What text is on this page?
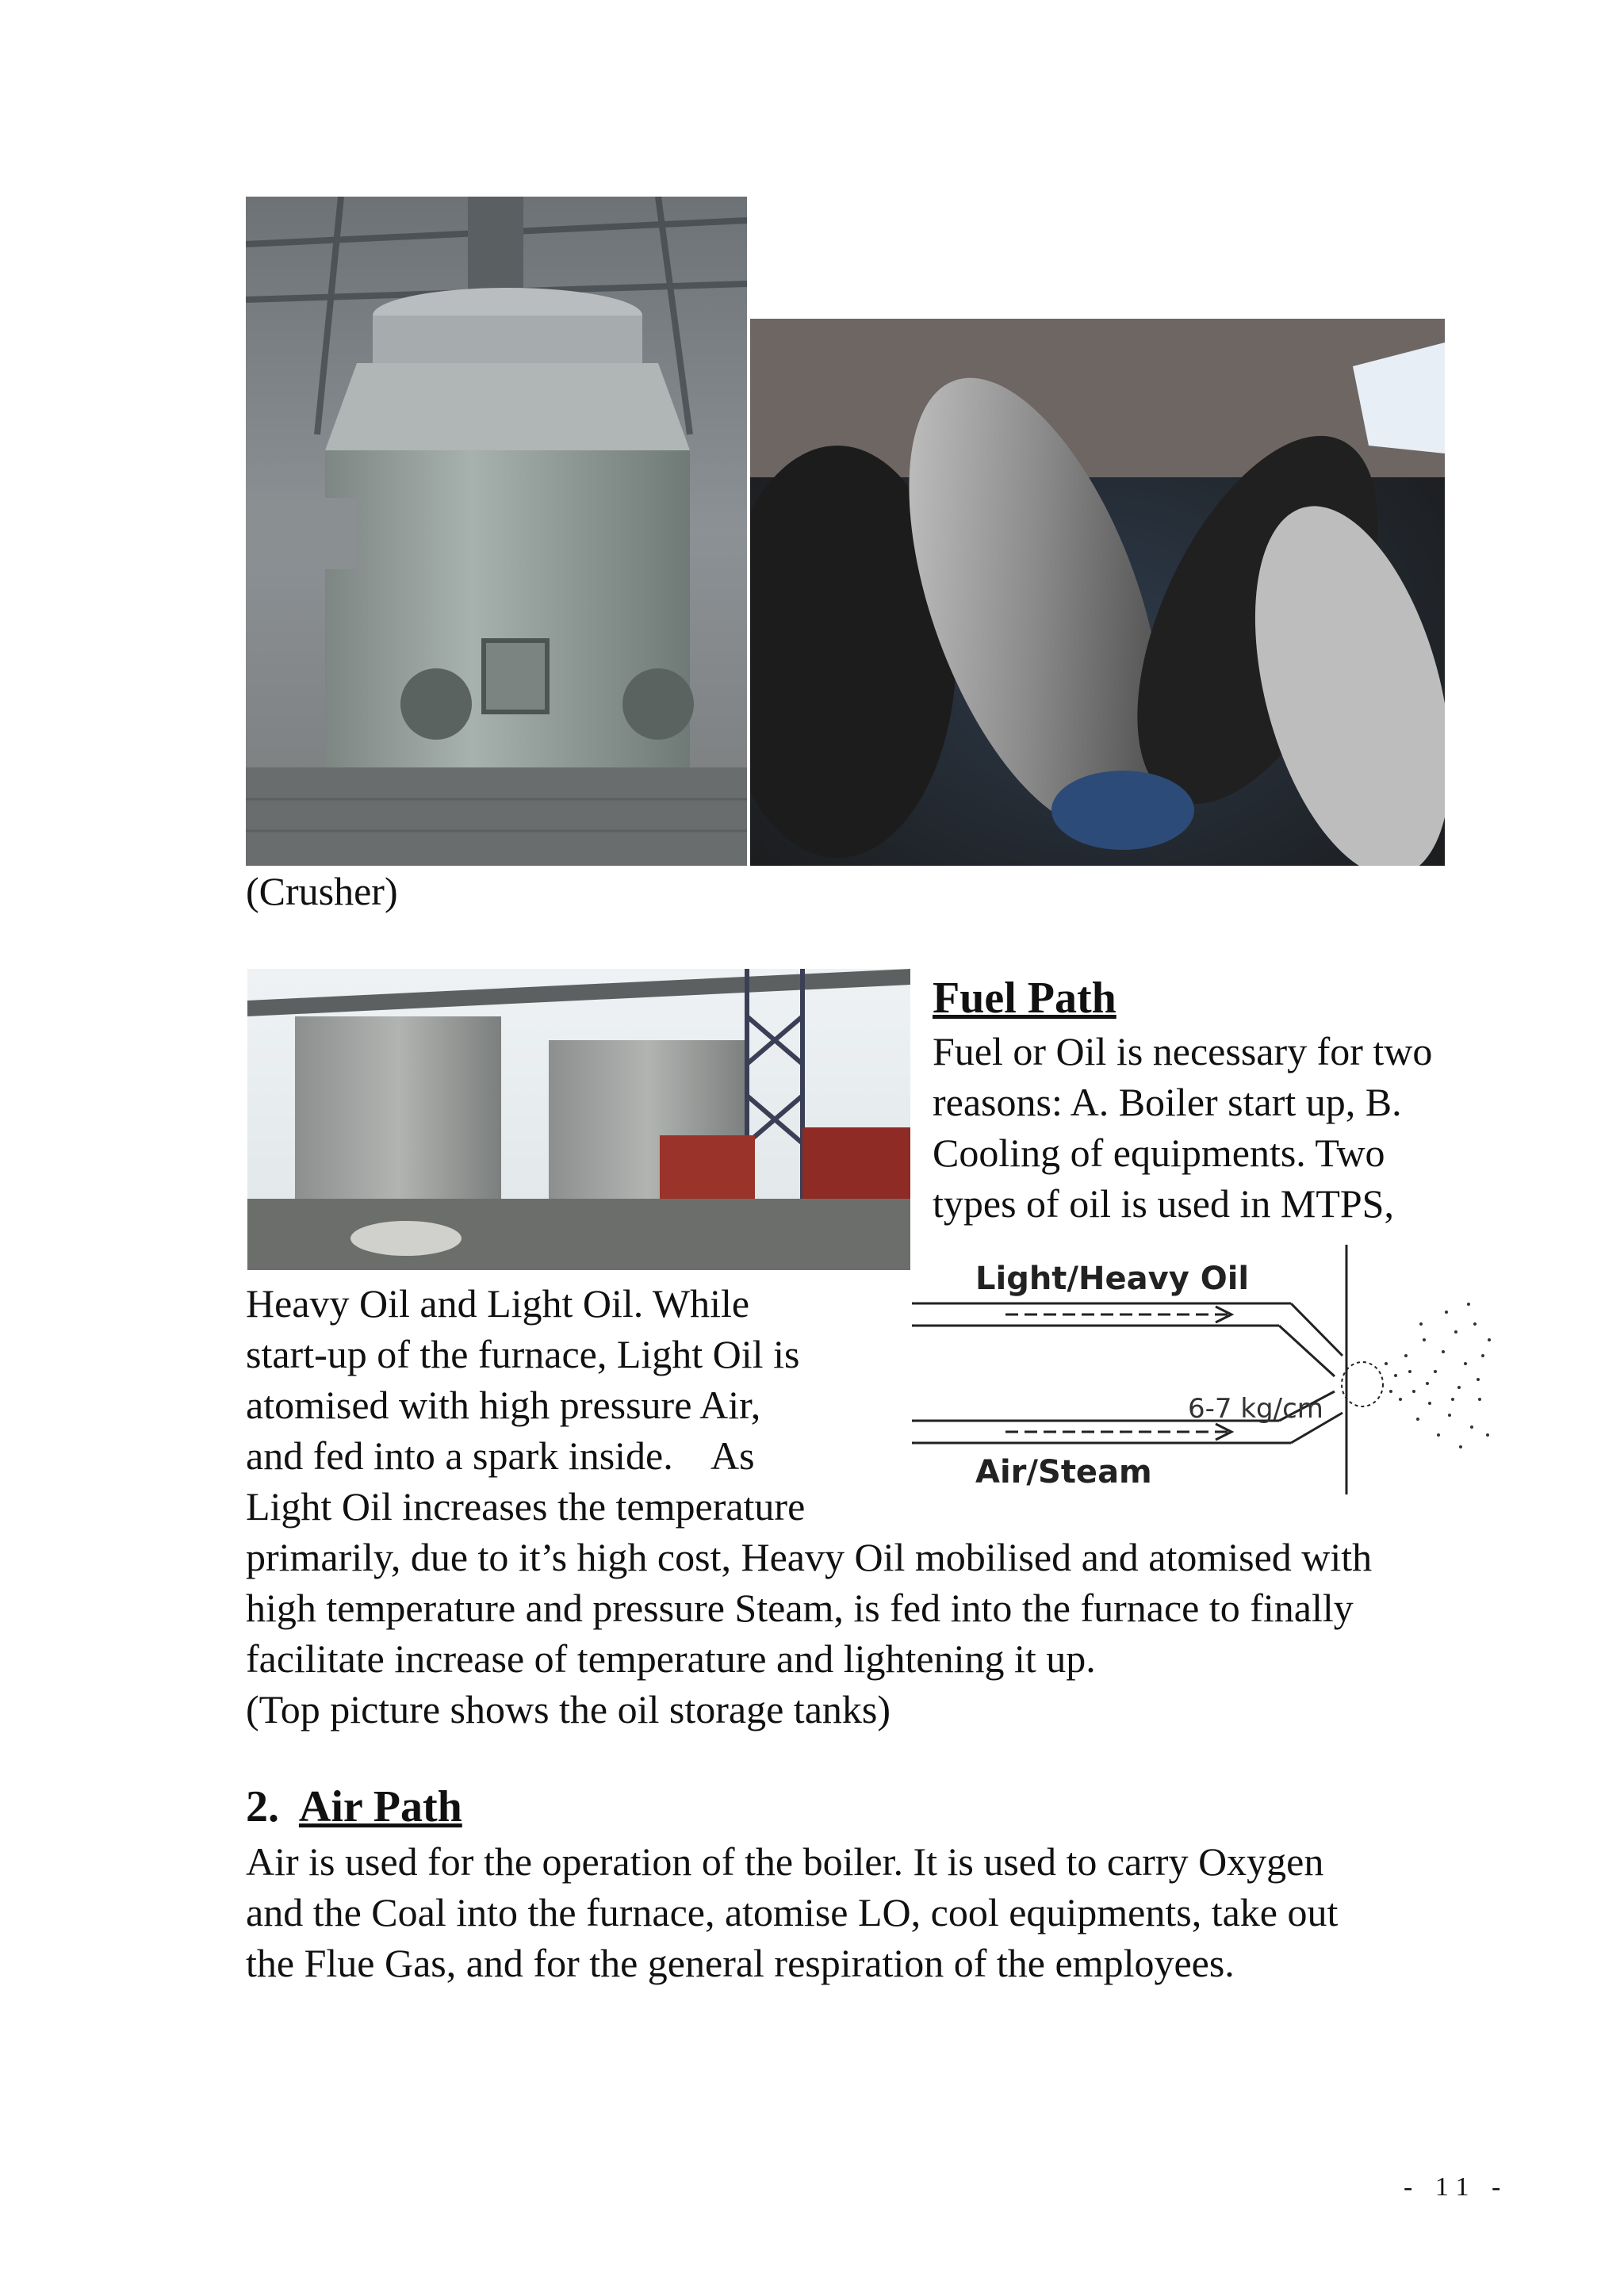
(Crusher)
Fuel Path
Fuel or Oil is necessary for two
reasons: A. Boiler start up, B.
Cooling of equipments. Two
types of oil is used in MTPS,
Light/Heavy Oil
6-7 kg/cm
Air/Steam
Heavy Oil and Light Oil. While
start-up of the furnace, Light Oil is
atomised with high pressure Air,
and fed into a spark inside.    As
Light Oil increases the temperature
primarily, due to it’s high cost, Heavy Oil mobilised and atomised with
high temperature and pressure Steam, is fed into the furnace to finally
facilitate increase of temperature and lightening it up.
(Top picture shows the oil storage tanks)
2. Air Path
Air is used for the operation of the boiler. It is used to carry Oxygen
and the Coal into the furnace, atomise LO, cool equipments, take out
the Flue Gas, and for the general respiration of the employees.
- 11 -
